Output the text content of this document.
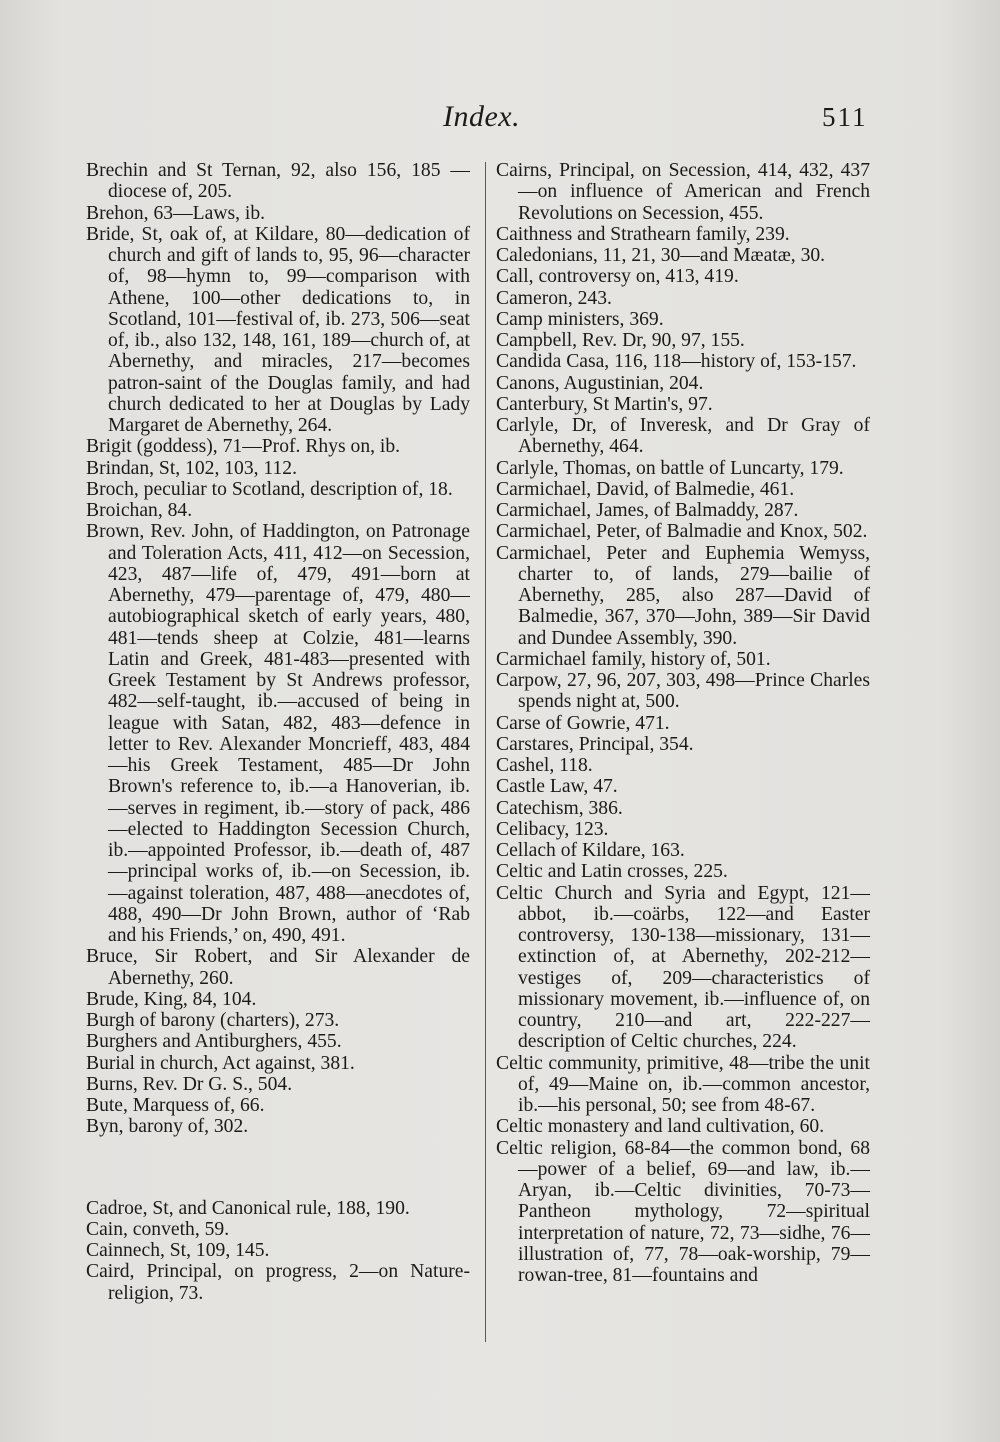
Index.	511

Brechin and St Ternan, 92, also 156, 185 —diocese of, 205.

Brehon, 63—Laws, ib.

Bride, St, oak of, at Kildare, 80—dedication of church and gift of lands to, 95, 96—character of, 98—hymn to, 99—comparison with Athene, 100—other dedications to, in Scotland, 101—festival of, ib. 273, 506—seat of, ib., also 132, 148, 161, 189—church of, at Abernethy, and miracles, 217—becomes patron-saint of the Douglas family, and had church dedicated to her at Douglas by Lady Margaret de Abernethy, 264.

Brigit (goddess), 71—Prof. Rhys on, ib.

Brindan, St, 102, 103, 112.

Broch, peculiar to Scotland, description of, 18.

Broichan, 84.

Brown, Rev. John, of Haddington, on Patronage and Toleration Acts, 411, 412—on Secession, 423, 487—life of, 479, 491—born at Abernethy, 479—parentage of, 479, 480—autobiographical sketch of early years, 480, 481—tends sheep at Colzie, 481—learns Latin and Greek, 481-483—presented with Greek Testament by St Andrews professor, 482—self-taught, ib.—accused of being in league with Satan, 482, 483—defence in letter to Rev. Alexander Moncrieff, 483, 484—his Greek Testament, 485—Dr John Brown's reference to, ib.—a Hanoverian, ib.—serves in regiment, ib.—story of pack, 486—elected to Haddington Secession Church, ib.—appointed Professor, ib.—death of, 487—principal works of, ib.—on Secession, ib.—against toleration, 487, 488—anecdotes of, 488, 490—Dr John Brown, author of ‘Rab and his Friends,’ on, 490, 491.

Bruce, Sir Robert, and Sir Alexander de Abernethy, 260.

Brude, King, 84, 104.

Burgh of barony (charters), 273.

Burghers and Antiburghers, 455.

Burial in church, Act against, 381.

Burns, Rev. Dr G. S., 504.

Bute, Marquess of, 66.

Byn, barony of, 302.

Cadroe, St, and Canonical rule, 188, 190.

Cain, conveth, 59.

Cainnech, St, 109, 145.

Caird, Principal, on progress, 2—on Nature-religion, 73.

Cairns, Principal, on Secession, 414, 432, 437—on influence of American and French Revolutions on Secession, 455.

Caithness and Strathearn family, 239.

Caledonians, 11, 21, 30—and Mæatæ, 30.

Call, controversy on, 413, 419.

Cameron, 243.

Camp ministers, 369.

Campbell, Rev. Dr, 90, 97, 155.

Candida Casa, 116, 118—history of, 153-157.

Canons, Augustinian, 204.

Canterbury, St Martin's, 97.

Carlyle, Dr, of Inveresk, and Dr Gray of Abernethy, 464.

Carlyle, Thomas, on battle of Luncarty, 179.

Carmichael, David, of Balmedie, 461.

Carmichael, James, of Balmaddy, 287.

Carmichael, Peter, of Balmadie and Knox, 502.

Carmichael, Peter and Euphemia Wemyss, charter to, of lands, 279—bailie of Abernethy, 285, also 287—David of Balmedie, 367, 370—John, 389—Sir David and Dundee Assembly, 390.

Carmichael family, history of, 501.

Carpow, 27, 96, 207, 303, 498—Prince Charles spends night at, 500.

Carse of Gowrie, 471.

Carstares, Principal, 354.

Cashel, 118.

Castle Law, 47.

Catechism, 386.

Celibacy, 123.

Cellach of Kildare, 163.

Celtic and Latin crosses, 225.

Celtic Church and Syria and Egypt, 121—abbot, ib.—coärbs, 122—and Easter controversy, 130-138—missionary, 131—extinction of, at Abernethy, 202-212—vestiges of, 209—characteristics of missionary movement, ib.—influence of, on country, 210—and art, 222-227—description of Celtic churches, 224.

Celtic community, primitive, 48—tribe the unit of, 49—Maine on, ib.—common ancestor, ib.—his personal, 50; see from 48-67.

Celtic monastery and land cultivation, 60.

Celtic religion, 68-84—the common bond, 68—power of a belief, 69—and law, ib.—Aryan, ib.—Celtic divinities, 70-73—Pantheon mythology, 72—spiritual interpretation of nature, 72, 73—sidhe, 76—illustration of, 77, 78—oak-worship, 79—rowan-tree, 81—fountains and
